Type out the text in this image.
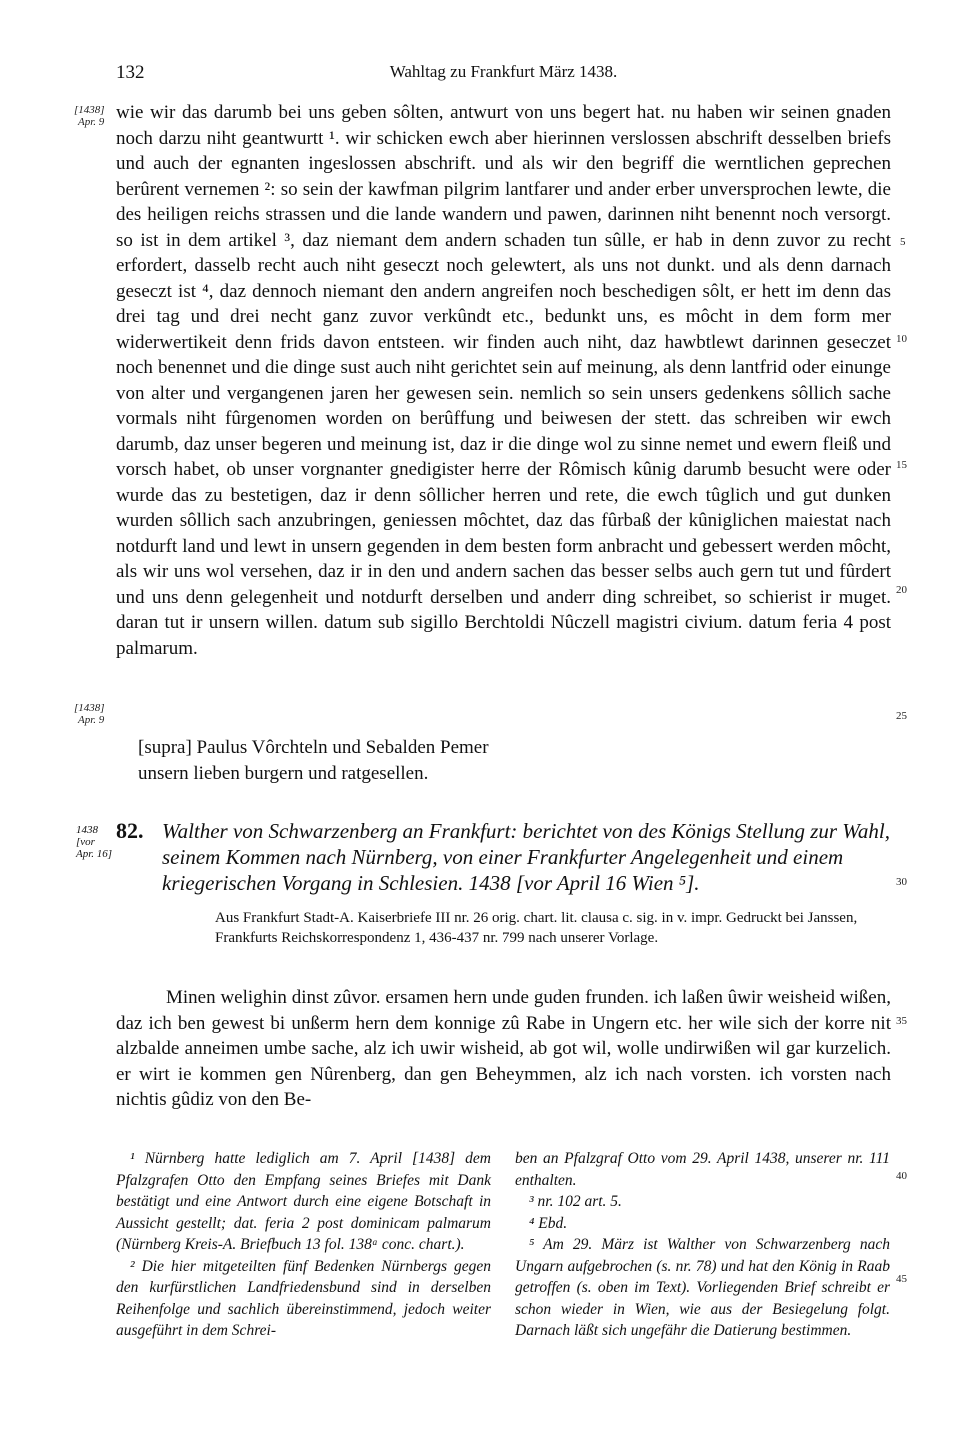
132	Wahltag zu Frankfurt März 1438.
[1438]
Apr. 9
[1438]
Apr. 9
5
10
15
20
25
30
35
40
45

wie wir das darumb bei uns geben sôlten, antwurt von uns begert hat. nu haben wir seinen gnaden noch darzu niht geantwurtt ¹. wir schicken ewch aber hierinnen verslossen abschrift desselben briefs und auch der egnanten ingeslossen abschrift. und als wir den begriff die werntlichen geprechen berûrent vernemen ²: so sein der kawfman pilgrim lantfarer und ander erber unversprochen lewte, die des heiligen reichs strassen und die lande wandern und pawen, darinnen niht benennt noch versorgt. so ist in dem artikel ³, daz niemant dem andern schaden tun sûlle, er hab in denn zuvor zu recht erfordert, dasselb recht auch niht geseczt noch gelewtert, als uns not dunkt. und als denn darnach geseczt ist ⁴, daz dennoch niemant den andern angreifen noch beschedigen sôlt, er hett im denn das drei tag und drei necht ganz zuvor verkûndt etc., bedunkt uns, es môcht in dem form mer widerwertikeit denn frids davon entsteen. wir finden auch niht, daz hawbtlewt darinnen geseczet noch benennet und die dinge sust auch niht gerichtet sein auf meinung, als denn lantfrid oder einunge von alter und vergangenen jaren her gewesen sein. nemlich so sein unsers gedenkens sôllich sache vormals niht fûrgenomen worden on berûffung und beiwesen der stett. das schreiben wir ewch darumb, daz unser begeren und meinung ist, daz ir die dinge wol zu sinne nemet und ewern fleiß und vorsch habet, ob unser vorgnanter gnedigister herre der Rômisch kûnig darumb besucht were oder wurde das zu bestetigen, daz ir denn sôllicher herren und rete, die ewch tûglich und gut dunken wurden sôllich sach anzubringen, geniessen môchtet, daz das fûrbaß der kûniglichen maiestat nach notdurft land und lewt in unsern gegenden in dem besten form anbracht und gebessert werden môcht, als wir uns wol versehen, daz ir in den und andern sachen das besser selbs auch gern tut und fûrdert und uns denn gelegenheit und notdurft derselben und anderr ding schreibet, so schierist ir muget. daran tut ir unsern willen. datum sub sigillo Berchtoldi Nûczell magistri civium. datum feria 4 post palmarum.

[supra] Paulus Vôrchteln und Sebalden Pemer
unsern lieben burgern und ratgesellen.
1438
[vor
Apr. 16]
82. Walther von Schwarzenberg an Frankfurt: berichtet von des Königs Stellung zur Wahl, seinem Kommen nach Nürnberg, von einer Frankfurter Angelegenheit und einem kriegerischen Vorgang in Schlesien. 1438 [vor April 16 Wien ⁵].
Aus Frankfurt Stadt-A. Kaiserbriefe III nr. 26 orig. chart. lit. clausa c. sig. in v. impr. Gedruckt bei Janssen, Frankfurts Reichskorrespondenz 1, 436-437 nr. 799 nach unserer Vorlage.

Minen welighin dinst zûvor. ersamen hern unde guden frunden. ich laßen ûwir weisheid wißen, daz ich ben gewest bi unßerm hern dem konnige zû Rabe in Ungern etc. her wile sich der korre nit alzbalde anneimen umbe sache, alz ich uwir wisheid, ab got wil, wolle undirwißen wil gar kurzelich. er wirt ie kommen gen Nûrenberg, dan gen Beheymmen, alz ich nach vorsten. ich vorsten nach nichtis gûdiz von den Be-

¹ Nürnberg hatte lediglich am 7. April [1438] dem Pfalzgrafen Otto den Empfang seines Briefes mit Dank bestätigt und eine Antwort durch eine eigene Botschaft in Aussicht gestellt; dat. feria 2 post dominicam palmarum (Nürnberg Kreis-A. Briefbuch 13 fol. 138ᵃ conc. chart.).

² Die hier mitgeteilten fünf Bedenken Nürnbergs gegen den kurfürstlichen Landfriedensbund sind in derselben Reihenfolge und sachlich übereinstimmend, jedoch weiter ausgeführt in dem Schrei-

ben an Pfalzgraf Otto vom 29. April 1438, unserer nr. 111 enthalten.

³ nr. 102 art. 5.

⁴ Ebd.

⁵ Am 29. März ist Walther von Schwarzenberg nach Ungarn aufgebrochen (s. nr. 78) und hat den König in Raab getroffen (s. oben im Text). Vorliegenden Brief schreibt er schon wieder in Wien, wie aus der Besiegelung folgt. Darnach läßt sich ungefähr die Datierung bestimmen.
